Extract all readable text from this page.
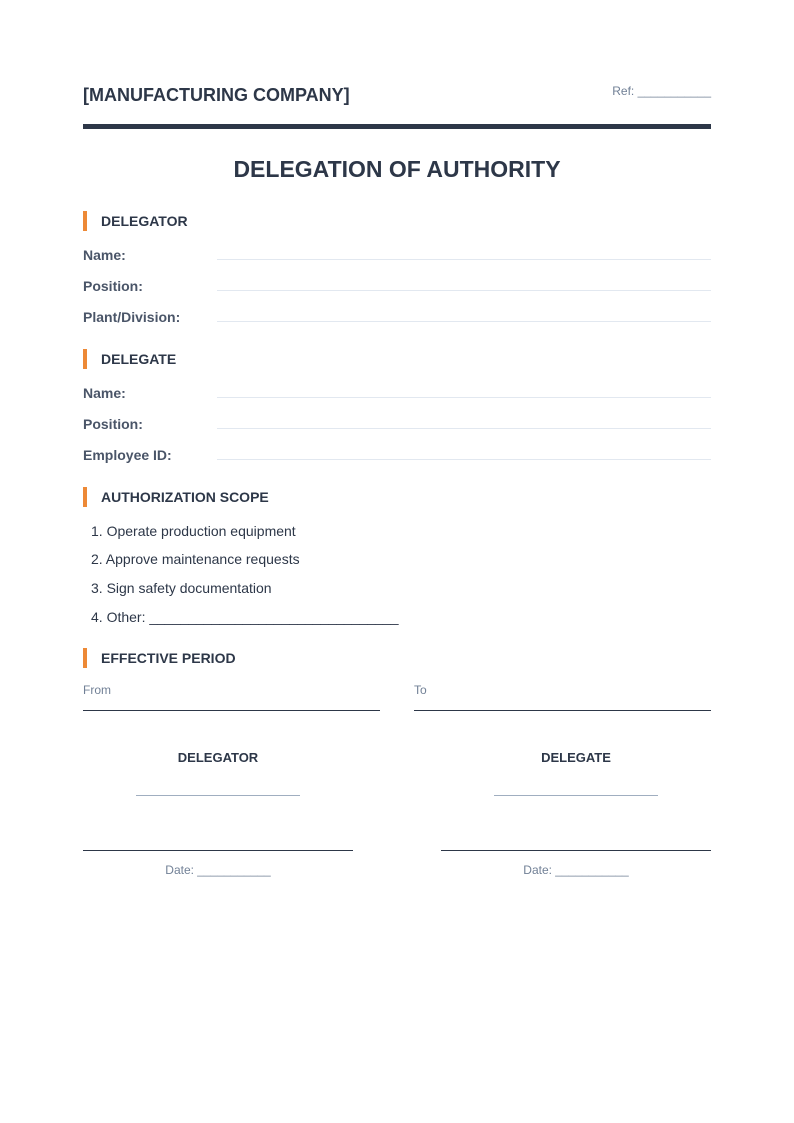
[MANUFACTURING COMPANY]	Ref: ___________
DELEGATION OF AUTHORITY
DELEGATOR
Name:
Position:
Plant/Division:
DELEGATE
Name:
Position:
Employee ID:
AUTHORIZATION SCOPE
1. Operate production equipment
2. Approve maintenance requests
3. Sign safety documentation
4. Other: ________________________________
EFFECTIVE PERIOD
From	To
DELEGATOR
Date: ___________
DELEGATE
Date: ___________
